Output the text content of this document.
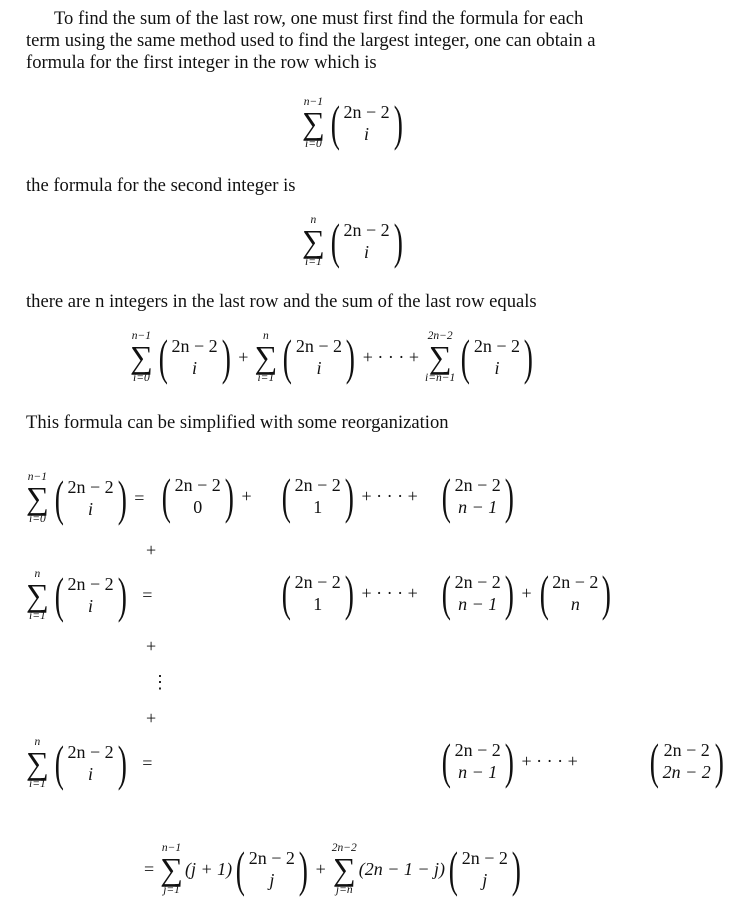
To find the sum of the last row, one must first find the formula for each
term using the same method used to find the largest integer, one can obtain a
formula for the first integer in the row which is
n−1
∑
i=0 ( 2n − 2
i )
the formula for the second integer is
n
∑
i=1 ( 2n − 2
i )
there are n integers in the last row and the sum of the last row equals
n−1
∑
i=0 ( 2n − 2
i ) +
n
∑
i=1 ( 2n − 2
i ) + · · · +
2n−2
∑
i=n−1 ( 2n − 2
i )
This formula can be simplified with some reorganization
n−1
∑
i=0 ( 2n − 2
i ) = ( 2n − 2
0 ) + ( 2n − 2
1 ) + · · · + ( 2n − 2
n − 1 )
+
n
∑
i=1 ( 2n − 2
i ) =	( 2n − 2
1 ) + · · · + ( 2n − 2
n − 1 ) + ( 2n − 2
n )
+
⋮
+
n
∑
i=1 ( 2n − 2
i ) =	( 2n − 2
n − 1 ) + · · · + ( 2n − 2
2n − 2 )
=
n−1
∑
j=1
(j + 1) ( 2n − 2
j ) +
2n−2
∑
j=n
(2n − 1 − j) ( 2n − 2
j )
